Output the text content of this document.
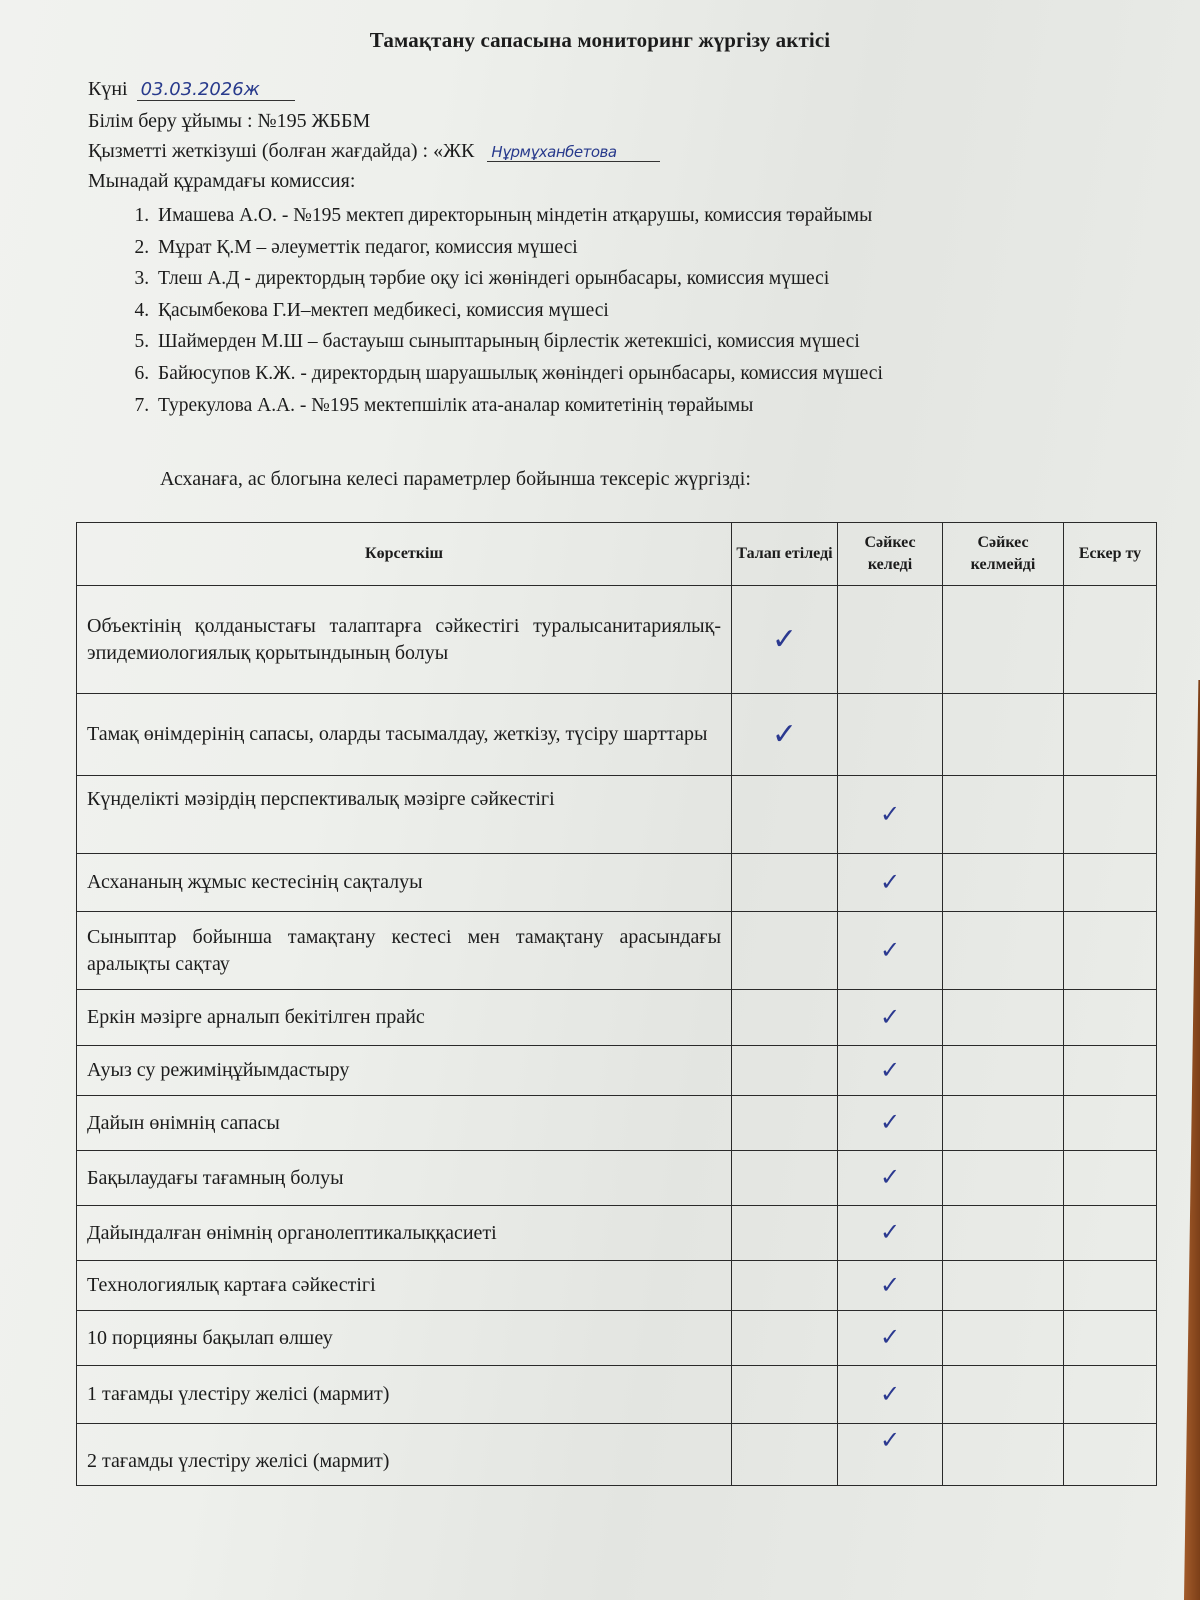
Тамақтану сапасына мониторинг жүргізу актісі
Күні 03.03.2026ж
Білім беру ұйымы : №195 ЖББМ
Қызметті жеткізуші (болған жағдайда) : «ЖК Нұрмұханбетова
Мынадай құрамдағы комиссия:
1. Имашева А.О. - №195 мектеп директорының міндетін атқарушы, комиссия төрайымы
2. Мұрат Қ.М – әлеуметтік педагог, комиссия мүшесі
3. Тлеш А.Д - директордың тәрбие оқу ісі жөніндегі орынбасары, комиссия мүшесі
4. Қасымбекова Г.И–мектеп медбикесі, комиссия мүшесі
5. Шаймерден М.Ш – бастауыш сыныптарының бірлестік жетекшісі, комиссия мүшесі
6. Байюсупов К.Ж. - директордың шаруашылық жөніндегі орынбасары, комиссия мүшесі
7. Турекулова А.А. - №195 мектепшілік ата-аналар комитетінің төрайымы
Асханаға, ас блогына келесі параметрлер бойынша тексеріс жүргізді:
Көрсеткіш	Талап етіледі	Сәйкес келеді	Сәйкес келмейді	Ескер ту
Объектінің қолданыстағы талаптарға сәйкестігі туралысанитариялық-эпидемиологиялық қорытындының болуы	✓			
Тамақ өнімдерінің сапасы, оларды тасымалдау, жеткізу, түсіру шарттары	✓			
Күнделікті мәзірдің перспективалық мәзірге сәйкестігі		✓		
Асхананың жұмыс кестесінің сақталуы		✓		
Сыныптар бойынша тамақтану кестесі мен тамақтану арасындағы аралықты сақтау		✓		
Еркін мәзірге арналып бекітілген прайс		✓		
Ауыз су режиміңұйымдастыру		✓		
Дайын өнімнің сапасы		✓		
Бақылаудағы тағамның болуы		✓		
Дайындалған өнімнің органолептикалыққасиеті		✓		
Технологиялық картаға сәйкестігі		✓		
10 порцияны бақылап өлшеу		✓		
1 тағамды үлестіру желісі (мармит)		✓		
2 тағамды үлестіру желісі (мармит)		✓		
